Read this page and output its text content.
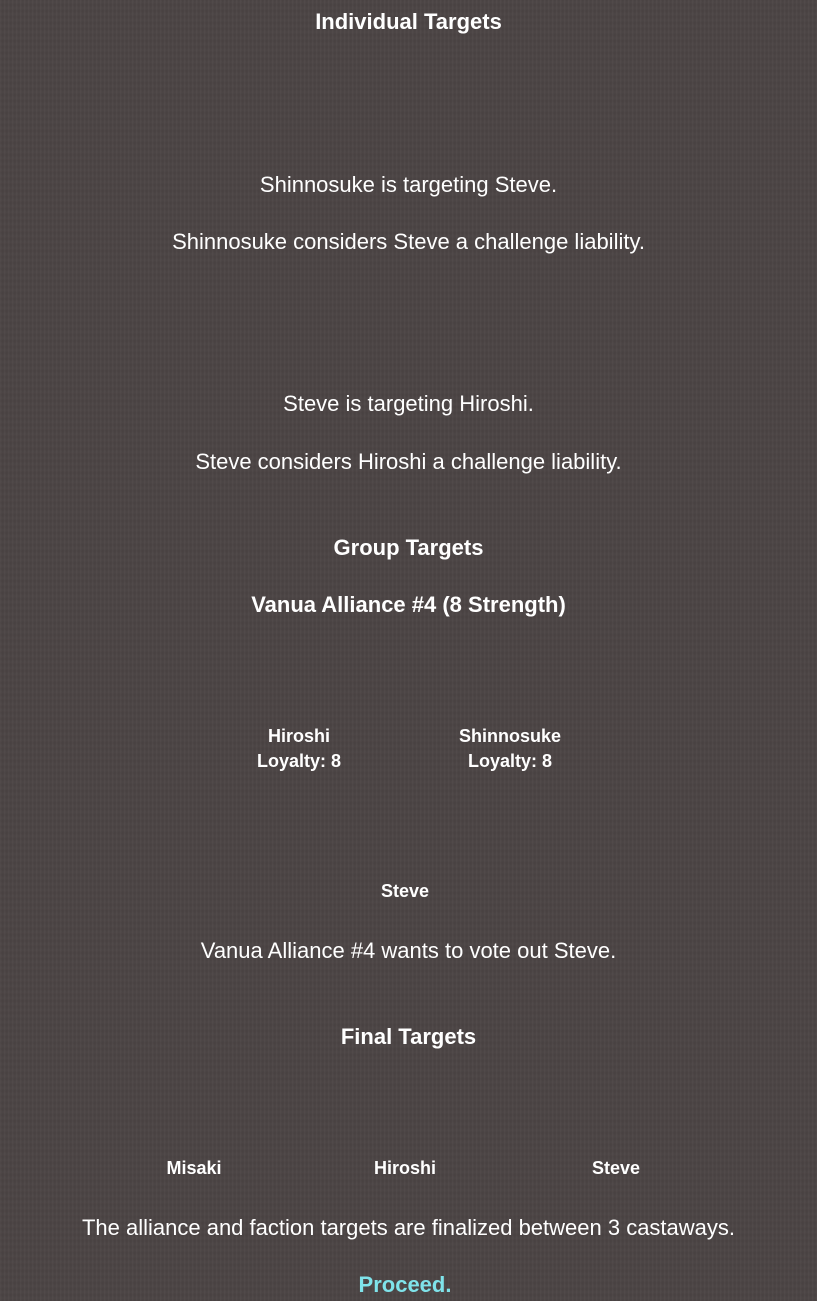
Individual Targets
Shinnosuke is targeting Steve.
Shinnosuke considers Steve a challenge liability.
Steve is targeting Hiroshi.
Steve considers Hiroshi a challenge liability.
Group Targets
Vanua Alliance #4 (8 Strength)
Hiroshi
Loyalty: 8
Shinnosuke
Loyalty: 8
Steve
Vanua Alliance #4 wants to vote out Steve.
Final Targets
Misaki	Hiroshi	Steve
The alliance and faction targets are finalized between 3 castaways.
Proceed.
